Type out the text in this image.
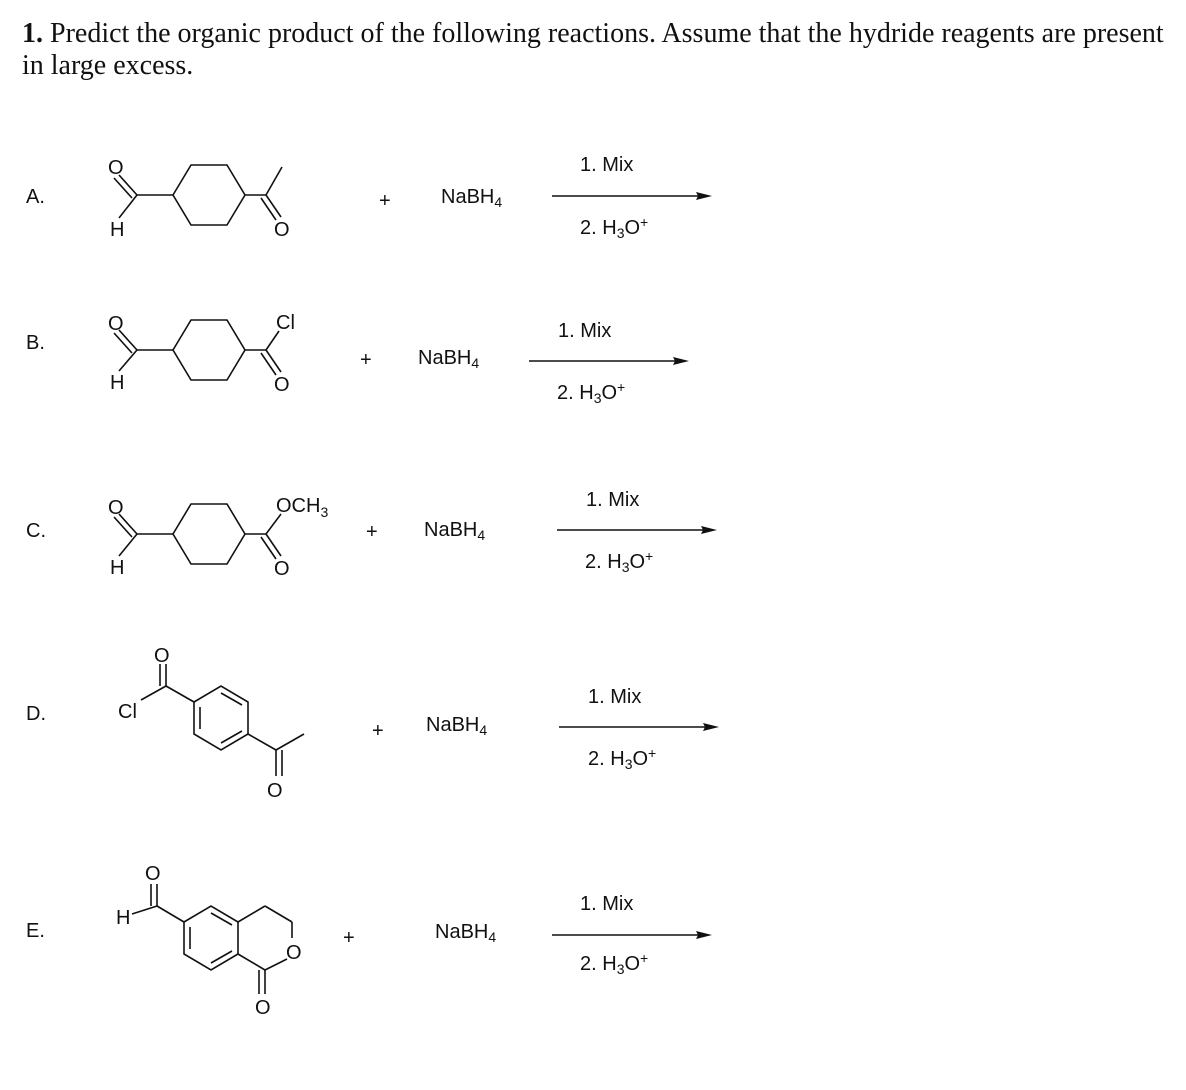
1. Predict the organic product of the following reactions. Assume that the hydride reagents are present in large excess.
A.
O
H	O
+	NaBH$_4$
1. Mix
2. $H_3O^+$
B.
O
H
Cl
O
+ NaBH$_4$
1. Mix
2. $H_3O^+$
C.
O
H
$OCH_3$
O
+ NaBH$_4$
1. Mix
2. $H_3O^+$
D.
O
Cl
O
+ NaBH$_4$
1. Mix
2. $H_3O^+$
E.
O
O
O
H
+	NaBH$_4$
1. Mix
2. $H_3O^+$
